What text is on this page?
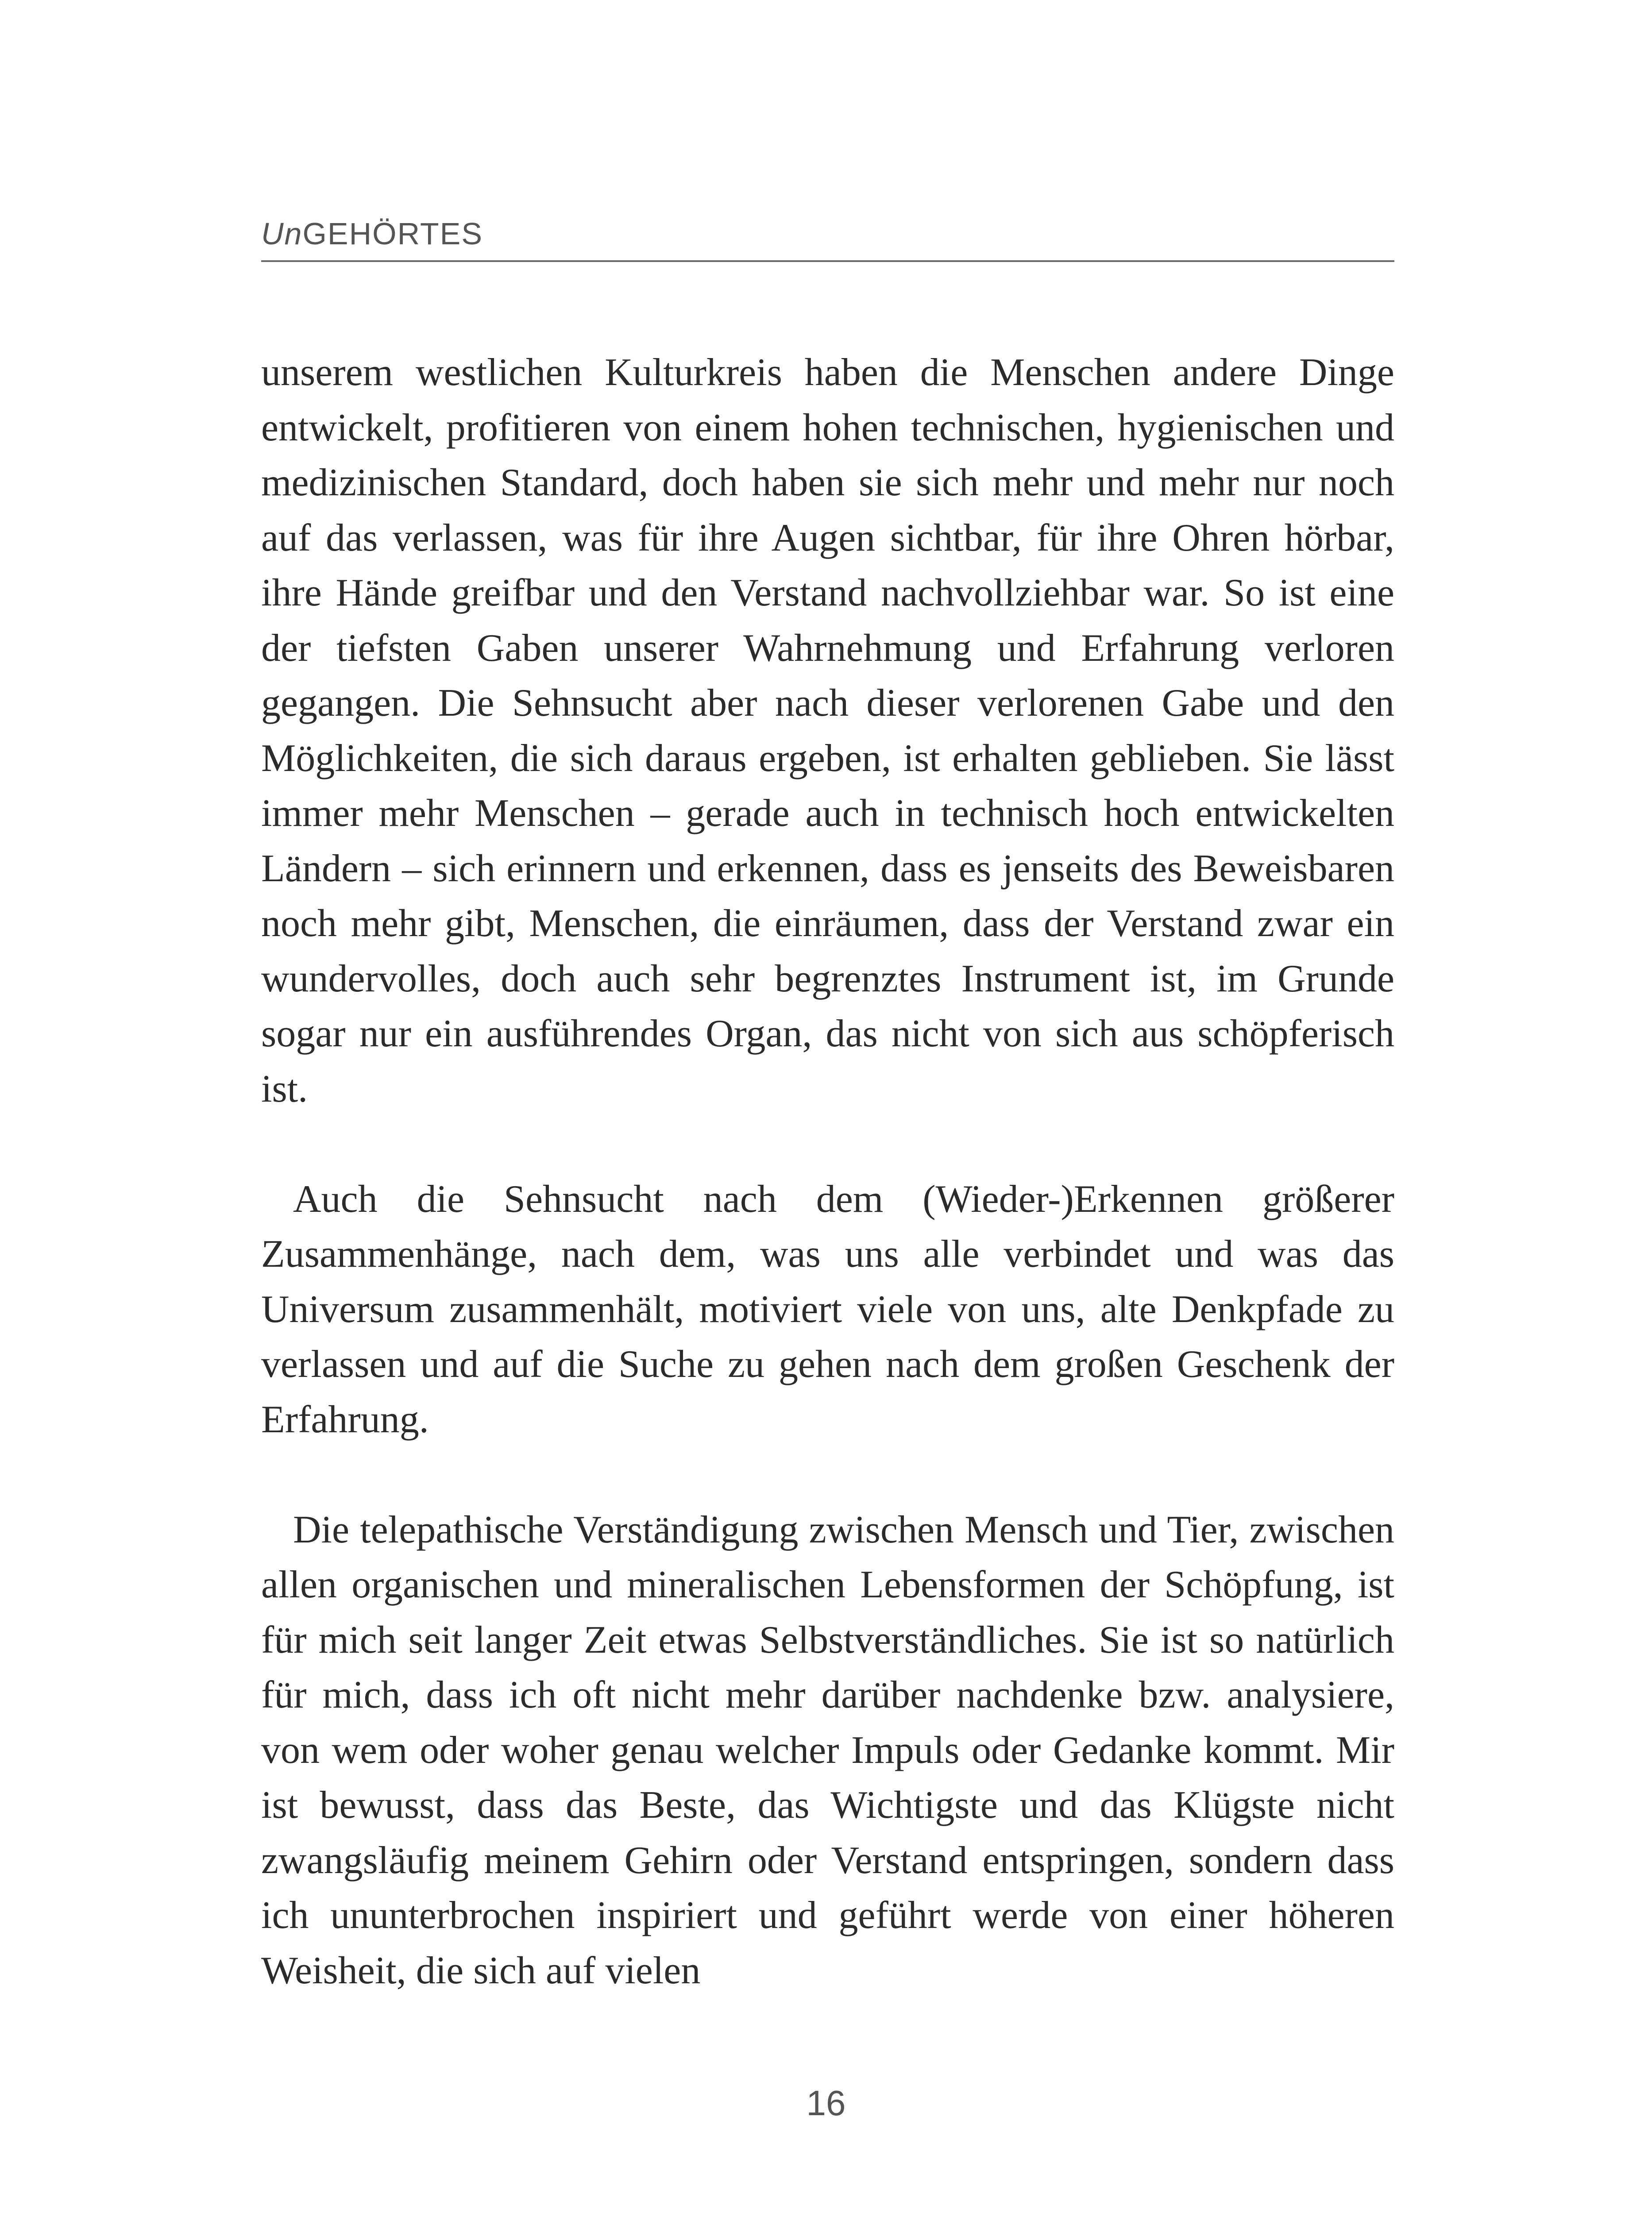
UnGEHÖRTES

unserem westlichen Kulturkreis haben die Menschen andere Dinge entwickelt, profitieren von einem hohen technischen, hygienischen und medizinischen Standard, doch haben sie sich mehr und mehr nur noch auf das verlassen, was für ihre Augen sichtbar, für ihre Ohren hörbar, ihre Hände greifbar und den Verstand nachvollziehbar war. So ist eine der tiefsten Gaben unserer Wahrnehmung und Erfahrung verloren gegangen. Die Sehnsucht aber nach dieser verlorenen Gabe und den Möglichkeiten, die sich daraus ergeben, ist erhalten geblieben. Sie lässt immer mehr Menschen – gerade auch in technisch hoch entwickelten Ländern – sich erinnern und erkennen, dass es jenseits des Beweisbaren noch mehr gibt, Menschen, die einräumen, dass der Verstand zwar ein wundervolles, doch auch sehr begrenztes Instrument ist, im Grunde sogar nur ein ausführendes Organ, das nicht von sich aus schöpferisch ist.

Auch die Sehnsucht nach dem (Wieder-)Erkennen größerer Zusammenhänge, nach dem, was uns alle verbindet und was das Universum zusammenhält, motiviert viele von uns, alte Denkpfade zu verlassen und auf die Suche zu gehen nach dem großen Geschenk der Erfahrung.

Die telepathische Verständigung zwischen Mensch und Tier, zwischen allen organischen und mineralischen Lebensformen der Schöpfung, ist für mich seit langer Zeit etwas Selbstverständliches. Sie ist so natürlich für mich, dass ich oft nicht mehr darüber nachdenke bzw. analysiere, von wem oder woher genau welcher Impuls oder Gedanke kommt. Mir ist bewusst, dass das Beste, das Wichtigste und das Klügste nicht zwangsläufig meinem Gehirn oder Verstand entspringen, sondern dass ich ununterbrochen inspiriert und geführt werde von einer höheren Weisheit, die sich auf vielen

16
